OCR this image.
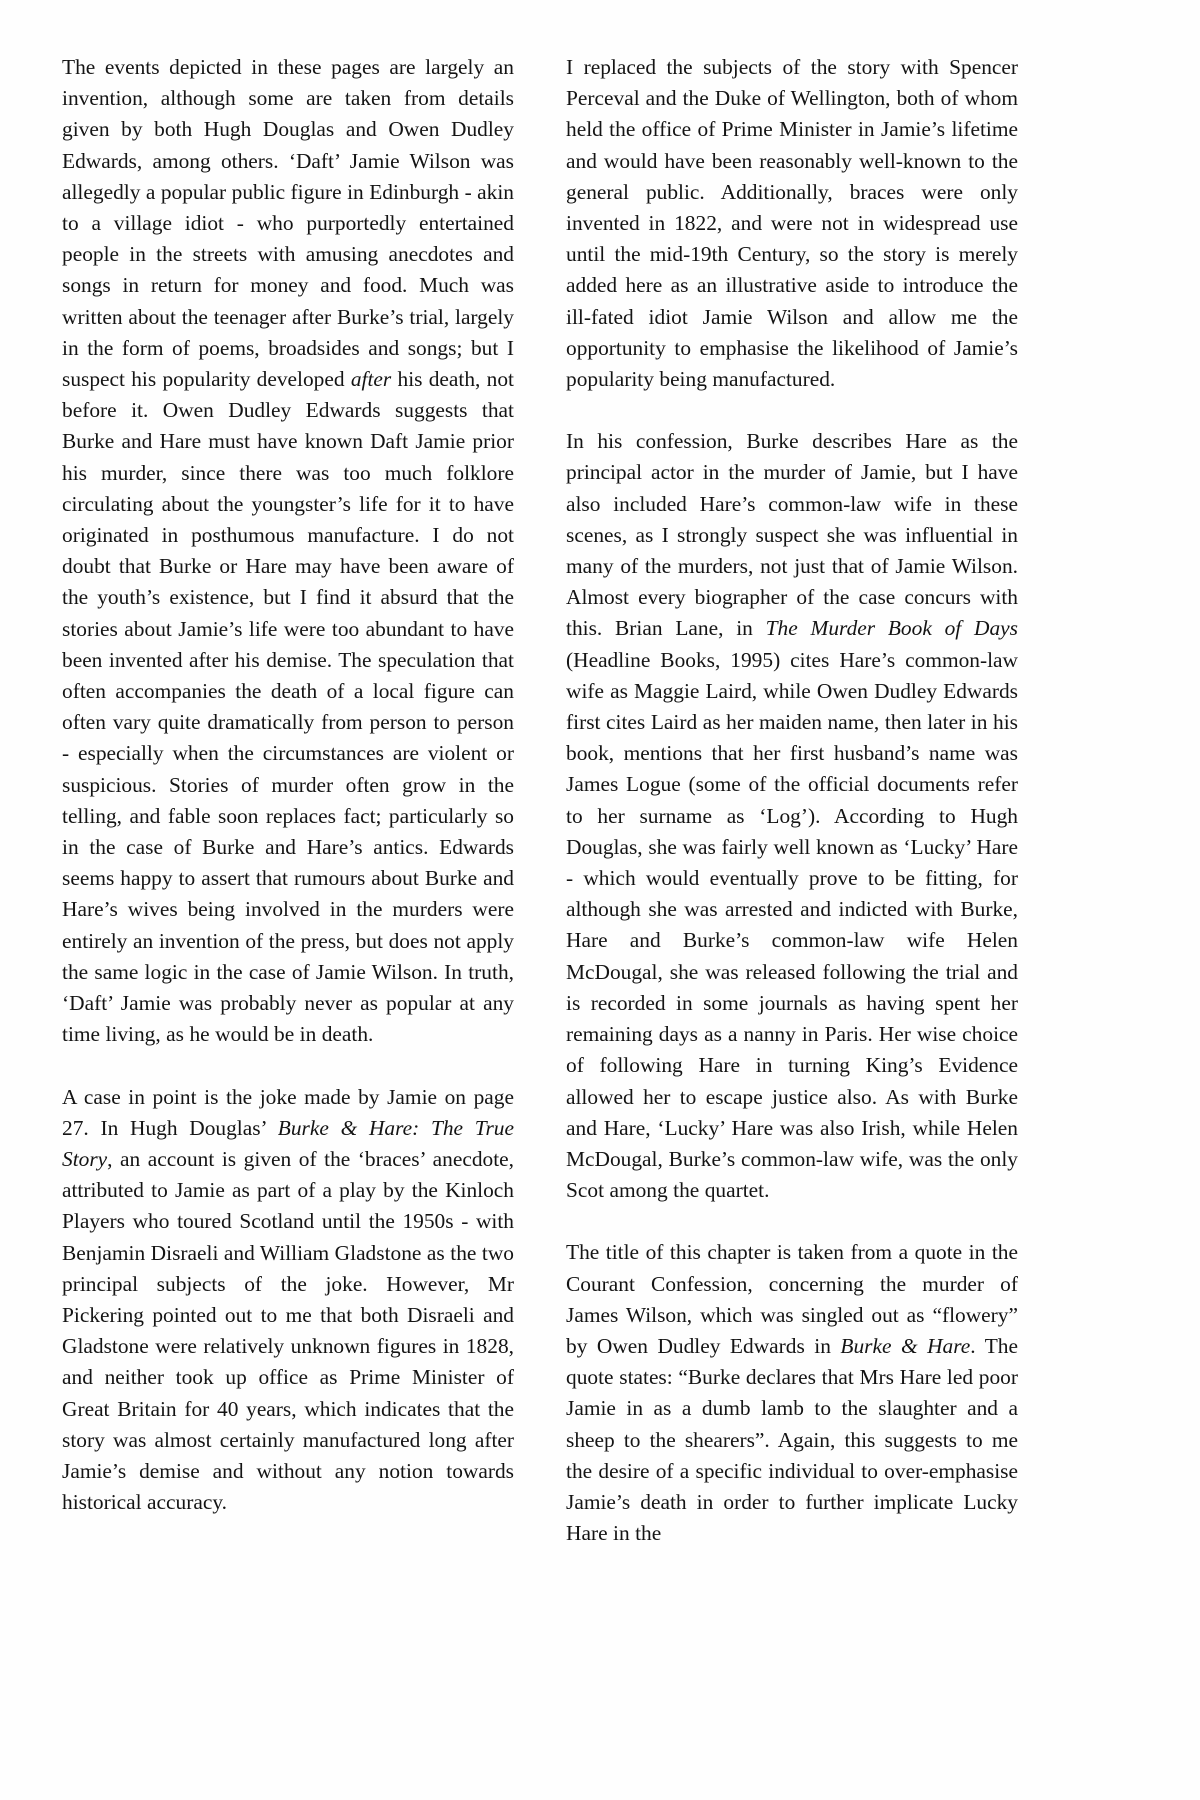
The events depicted in these pages are largely an invention, although some are taken from details given by both Hugh Douglas and Owen Dudley Edwards, among others. ‘Daft’ Jamie Wilson was allegedly a popular public figure in Edinburgh - akin to a village idiot - who purportedly entertained people in the streets with amusing anecdotes and songs in return for money and food. Much was written about the teenager after Burke’s trial, largely in the form of poems, broadsides and songs; but I suspect his popularity developed after his death, not before it. Owen Dudley Edwards suggests that Burke and Hare must have known Daft Jamie prior his murder, since there was too much folklore circulating about the youngster’s life for it to have originated in posthumous manufacture. I do not doubt that Burke or Hare may have been aware of the youth’s existence, but I find it absurd that the stories about Jamie’s life were too abundant to have been invented after his demise. The speculation that often accompanies the death of a local figure can often vary quite dramatically from person to person - especially when the circumstances are violent or suspicious. Stories of murder often grow in the telling, and fable soon replaces fact; particularly so in the case of Burke and Hare’s antics. Edwards seems happy to assert that rumours about Burke and Hare’s wives being involved in the murders were entirely an invention of the press, but does not apply the same logic in the case of Jamie Wilson. In truth, ‘Daft’ Jamie was probably never as popular at any time living, as he would be in death.

A case in point is the joke made by Jamie on page 27. In Hugh Douglas’ Burke & Hare: The True Story, an account is given of the ‘braces’ anecdote, attributed to Jamie as part of a play by the Kinloch Players who toured Scotland until the 1950s - with Benjamin Disraeli and William Gladstone as the two principal subjects of the joke. However, Mr Pickering pointed out to me that both Disraeli and Gladstone were relatively unknown figures in 1828, and neither took up office as Prime Minister of Great Britain for 40 years, which indicates that the story was almost certainly manufactured long after Jamie’s demise and without any notion towards historical accuracy.

I replaced the subjects of the story with Spencer Perceval and the Duke of Wellington, both of whom held the office of Prime Minister in Jamie’s lifetime and would have been reasonably well-known to the general public. Additionally, braces were only invented in 1822, and were not in widespread use until the mid-19th Century, so the story is merely added here as an illustrative aside to introduce the ill-fated idiot Jamie Wilson and allow me the opportunity to emphasise the likelihood of Jamie’s popularity being manufactured.

In his confession, Burke describes Hare as the principal actor in the murder of Jamie, but I have also included Hare’s common-law wife in these scenes, as I strongly suspect she was influential in many of the murders, not just that of Jamie Wilson. Almost every biographer of the case concurs with this. Brian Lane, in The Murder Book of Days (Headline Books, 1995) cites Hare’s common-law wife as Maggie Laird, while Owen Dudley Edwards first cites Laird as her maiden name, then later in his book, mentions that her first husband’s name was James Logue (some of the official documents refer to her surname as ‘Log’). According to Hugh Douglas, she was fairly well known as ‘Lucky’ Hare - which would eventually prove to be fitting, for although she was arrested and indicted with Burke, Hare and Burke’s common-law wife Helen McDougal, she was released following the trial and is recorded in some journals as having spent her remaining days as a nanny in Paris. Her wise choice of following Hare in turning King’s Evidence allowed her to escape justice also. As with Burke and Hare, ‘Lucky’ Hare was also Irish, while Helen McDougal, Burke’s common-law wife, was the only Scot among the quartet.

The title of this chapter is taken from a quote in the Courant Confession, concerning the murder of James Wilson, which was singled out as “flowery” by Owen Dudley Edwards in Burke & Hare. The quote states: “Burke declares that Mrs Hare led poor Jamie in as a dumb lamb to the slaughter and a sheep to the shearers”. Again, this suggests to me the desire of a specific individual to over-emphasise Jamie’s death in order to further implicate Lucky Hare in the
